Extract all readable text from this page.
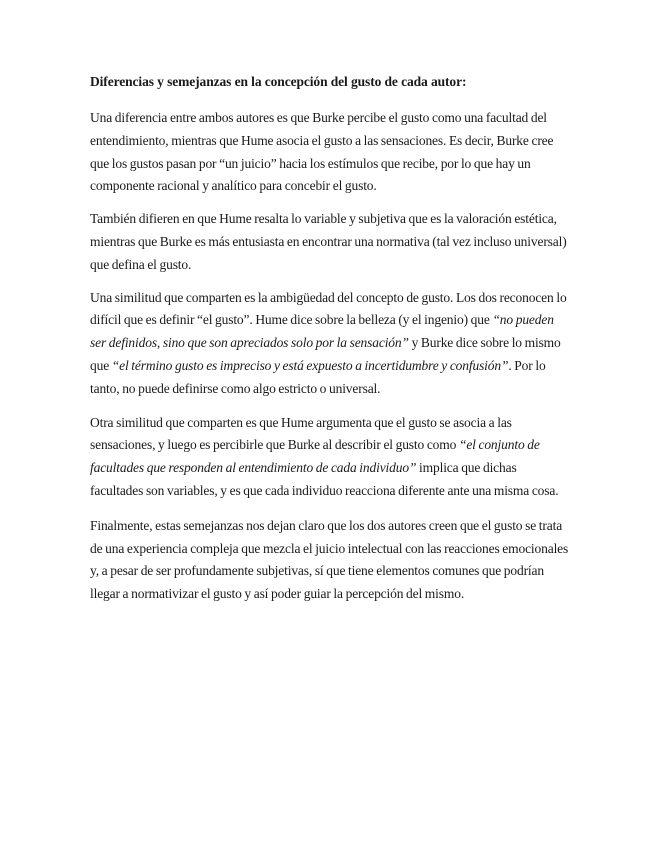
Diferencias y semejanzas en la concepción del gusto de cada autor:

Una diferencia entre ambos autores es que Burke percibe el gusto como una facultad del entendimiento, mientras que Hume asocia el gusto a las sensaciones. Es decir, Burke cree que los gustos pasan por “un juicio” hacia los estímulos que recibe, por lo que hay un componente racional y analítico para concebir el gusto.

También difieren en que Hume resalta lo variable y subjetiva que es la valoración estética, mientras que Burke es más entusiasta en encontrar una normativa (tal vez incluso universal) que defina el gusto.

Una similitud que comparten es la ambigüedad del concepto de gusto. Los dos reconocen lo difícil que es definir “el gusto”. Hume dice sobre la belleza (y el ingenio) que “no pueden ser definidos, sino que son apreciados solo por la sensación” y Burke dice sobre lo mismo que “el término gusto es impreciso y está expuesto a incertidumbre y confusión”. Por lo tanto, no puede definirse como algo estricto o universal.

Otra similitud que comparten es que Hume argumenta que el gusto se asocia a las sensaciones, y luego es percibirle que Burke al describir el gusto como “el conjunto de facultades que responden al entendimiento de cada individuo” implica que dichas facultades son variables, y es que cada individuo reacciona diferente ante una misma cosa.

Finalmente, estas semejanzas nos dejan claro que los dos autores creen que el gusto se trata de una experiencia compleja que mezcla el juicio intelectual con las reacciones emocionales y, a pesar de ser profundamente subjetivas, sí que tiene elementos comunes que podrían llegar a normativizar el gusto y así poder guiar la percepción del mismo.
